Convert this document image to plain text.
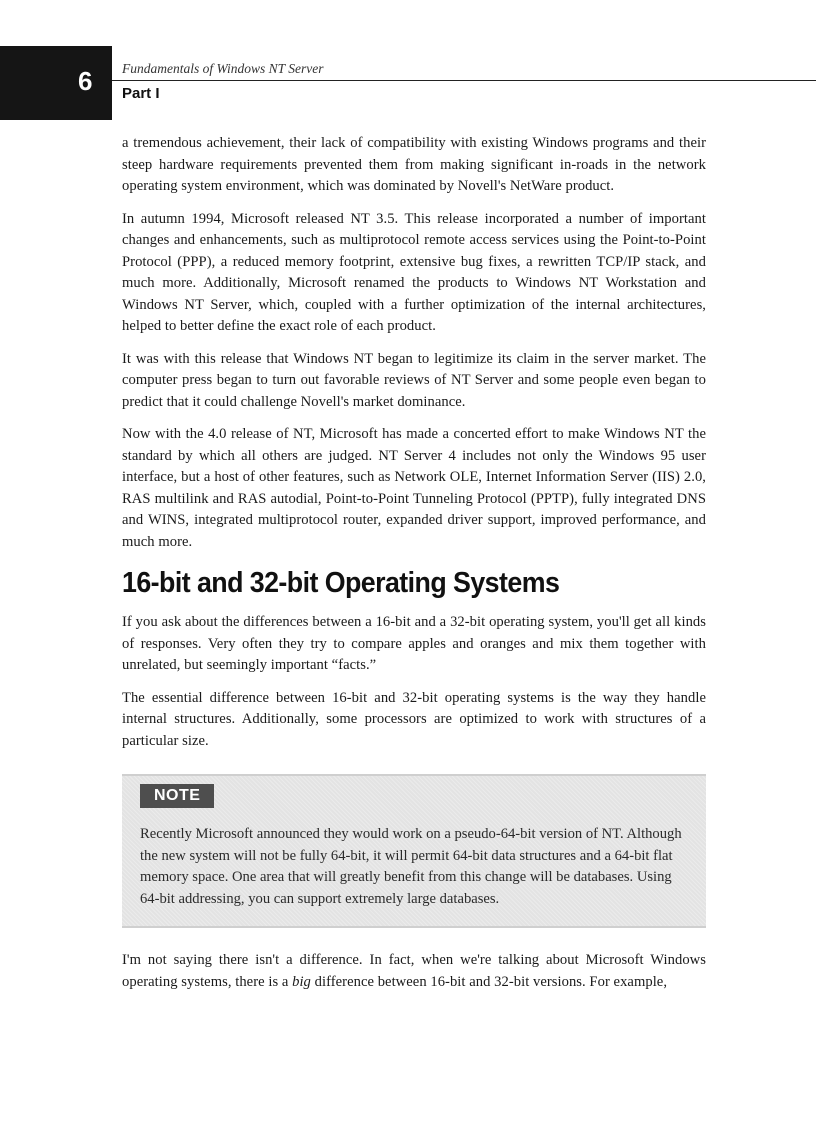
6 Fundamentals of Windows NT Server
Part I

a tremendous achievement, their lack of compatibility with existing Windows programs and their steep hardware requirements prevented them from making significant in-roads in the network operating system environment, which was dominated by Novell's NetWare product.

In autumn 1994, Microsoft released NT 3.5. This release incorporated a number of important changes and enhancements, such as multiprotocol remote access services using the Point-to-Point Protocol (PPP), a reduced memory footprint, extensive bug fixes, a rewritten TCP/IP stack, and much more. Additionally, Microsoft renamed the products to Windows NT Workstation and Windows NT Server, which, coupled with a further optimization of the internal architectures, helped to better define the exact role of each product.

It was with this release that Windows NT began to legitimize its claim in the server market. The computer press began to turn out favorable reviews of NT Server and some people even began to predict that it could challenge Novell's market dominance.

Now with the 4.0 release of NT, Microsoft has made a concerted effort to make Windows NT the standard by which all others are judged. NT Server 4 includes not only the Windows 95 user interface, but a host of other features, such as Network OLE, Internet Information Server (IIS) 2.0, RAS multilink and RAS autodial, Point-to-Point Tunneling Protocol (PPTP), fully integrated DNS and WINS, integrated multiprotocol router, expanded driver support, improved performance, and much more.

16-bit and 32-bit Operating Systems

If you ask about the differences between a 16-bit and a 32-bit operating system, you'll get all kinds of responses. Very often they try to compare apples and oranges and mix them together with unrelated, but seemingly important “facts.”

The essential difference between 16-bit and 32-bit operating systems is the way they handle internal structures. Additionally, some processors are optimized to work with structures of a particular size.

NOTE

Recently Microsoft announced they would work on a pseudo-64-bit version of NT. Although the new system will not be fully 64-bit, it will permit 64-bit data structures and a 64-bit flat memory space. One area that will greatly benefit from this change will be databases. Using 64-bit addressing, you can support extremely large databases.

I'm not saying there isn't a difference. In fact, when we're talking about Microsoft Windows operating systems, there is a big difference between 16-bit and 32-bit versions. For example,
